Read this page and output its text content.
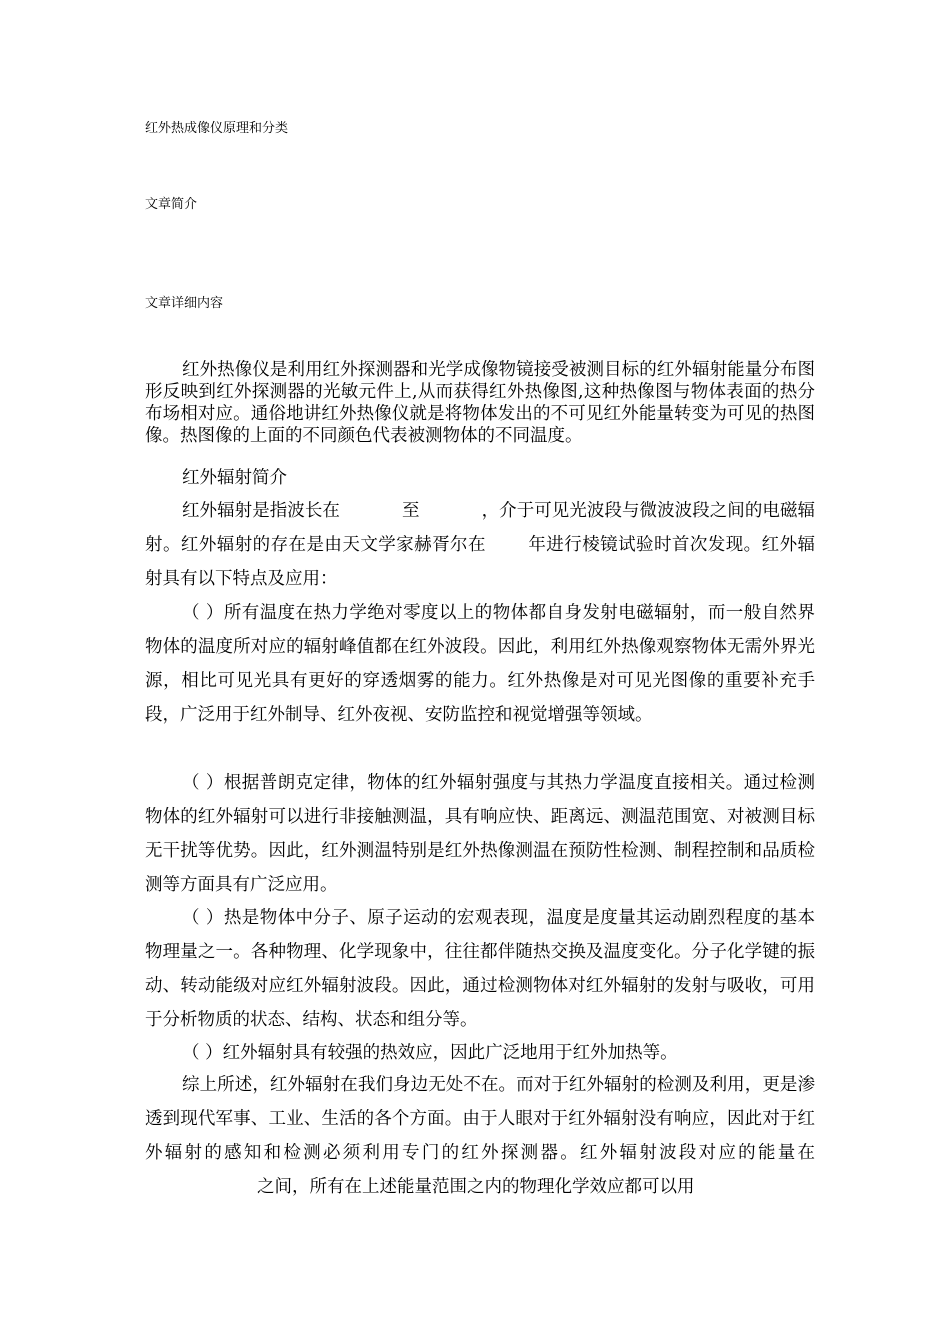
红外热成像仪原理和分类
文章简介
文章详细内容

红外热像仪是利用红外探测器和光学成像物镜接受被测目标的红外辐射能量分布图形反映到红外探测器的光敏元件上,从而获得红外热像图,这种热像图与物体表面的热分布场相对应。通俗地讲红外热像仪就是将物体发出的不可见红外能量转变为可见的热图像。热图像的上面的不同颜色代表被测物体的不同温度。

红外辐射简介

红外辐射是指波长在	至	，介于可见光波段与微波波段之间的电磁辐射。红外辐射的存在是由天文学家赫胥尔在 年进行棱镜试验时首次发现。红外辐射具有以下特点及应用：

（ ）所有温度在热力学绝对零度以上的物体都自身发射电磁辐射，而一般自然界物体的温度所对应的辐射峰值都在红外波段。因此，利用红外热像观察物体无需外界光源，相比可见光具有更好的穿透烟雾的能力。红外热像是对可见光图像的重要补充手段，广泛用于红外制导、红外夜视、安防监控和视觉增强等领域。

（ ）根据普朗克定律，物体的红外辐射强度与其热力学温度直接相关。通过检测物体的红外辐射可以进行非接触测温，具有响应快、距离远、测温范围宽、对被测目标无干扰等优势。因此，红外测温特别是红外热像测温在预防性检测、制程控制和品质检测等方面具有广泛应用。

（ ）热是物体中分子、原子运动的宏观表现，温度是度量其运动剧烈程度的基本物理量之一。各种物理、化学现象中，往往都伴随热交换及温度变化。分子化学键的振动、转动能级对应红外辐射波段。因此，通过检测物体对红外辐射的发射与吸收，可用于分析物质的状态、结构、状态和组分等。

（ ）红外辐射具有较强的热效应，因此广泛地用于红外加热等。

综上所述，红外辐射在我们身边无处不在。而对于红外辐射的检测及利用，更是渗透到现代军事、工业、生活的各个方面。由于人眼对于红外辐射没有响应，因此对于红外辐射的感知和检测必须利用专门的红外探测器。红外辐射波段对应的能量在之间，所有在上述能量范围之内的物理化学效应都可以用
